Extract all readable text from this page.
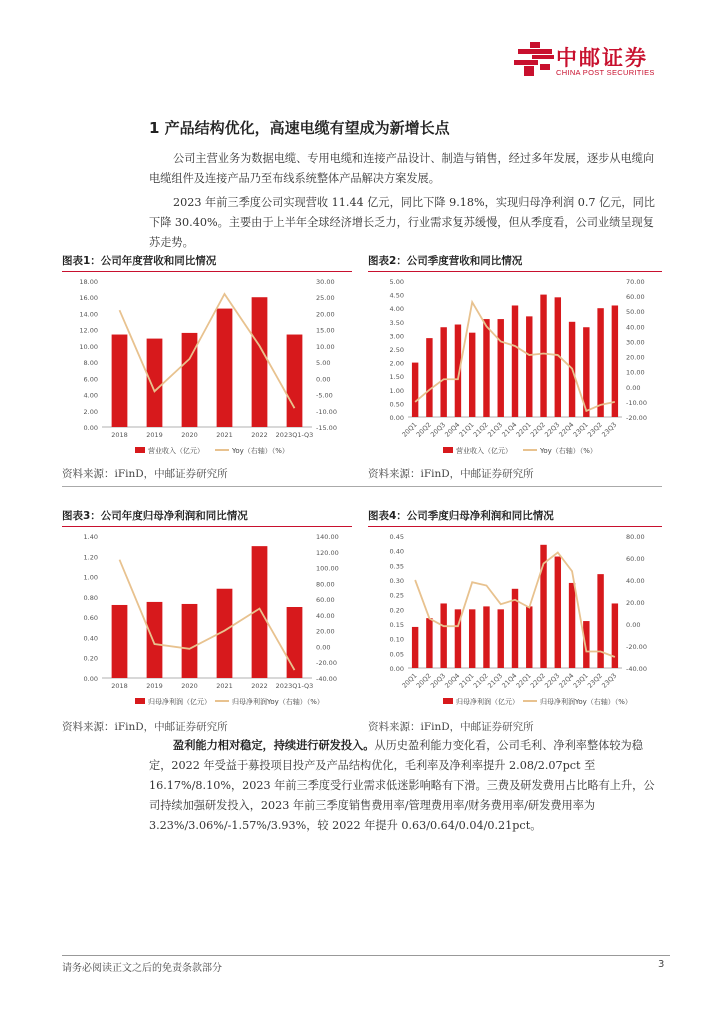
中邮证券
CHINA POST SECURITIES
1 产品结构优化，高速电缆有望成为新增长点

公司主营业务为数据电缆、专用电缆和连接产品设计、制造与销售，经过多年发展，逐步从电缆向电缆组件及连接产品乃至布线系统整体产品解决方案发展。

2023 年前三季度公司实现营收 11.44 亿元，同比下降 9.18%，实现归母净利润 0.7 亿元，同比下降 30.40%。主要由于上半年全球经济增长乏力，行业需求复苏缓慢，但从季度看，公司业绩呈现复苏走势。

图表1：公司年度营收和同比情况
0.00
2.00
4.00
6.00
8.00
10.00
12.00
14.00
16.00
18.00
-15.00
-10.00
-5.00
0.00
5.00
10.00
15.00
20.00
25.00
30.00
2018	2019	2020	2021	2022 2023Q1-Q3
营业收入（亿元）	Yoy（右轴）（%）
资料来源：iFinD，中邮证券研究所
图表2：公司季度营收和同比情况
0.00
0.50
1.00
1.50
2.00
2.50
3.00
3.50
4.00
4.50
5.00
-20.00
-10.00
0.00
10.00
20.00
30.00
40.00
50.00
60.00
70.00
20Q1
20Q2
20Q3
20Q4
21Q1
21Q2
21Q3
21Q4
22Q1
22Q2
22Q3
22Q4
23Q1
23Q2
23Q3
营业收入（亿元）	Yoy（右轴）（%）
资料来源：iFinD，中邮证券研究所
图表3：公司年度归母净利润和同比情况
0.00
0.20
0.40
0.60
0.80
1.00
1.20
1.40
-40.00
-20.00
0.00
20.00
40.00
60.00
80.00
100.00
120.00
140.00
2018	2019	2020	2021	2022 2023Q1-Q3
归母净利润（亿元）	归母净利润Yoy（右轴）（%）
资料来源：iFinD，中邮证券研究所
图表4：公司季度归母净利润和同比情况
0.00
0.05
0.10
0.15
0.20
0.25
0.30
0.35
0.40
0.45
-40.00
-20.00
0.00
20.00
40.00
60.00
80.00
20Q1
20Q2
20Q3
20Q4
21Q1
21Q2
21Q3
21Q4
22Q1
22Q2
22Q3
22Q4
23Q1
23Q2
23Q3
归母净利润（亿元）	归母净利润Yoy（右轴）（%）
资料来源：iFinD，中邮证券研究所

盈利能力相对稳定，持续进行研发投入。从历史盈利能力变化看，公司毛利、净利率整体较为稳定，2022 年受益于募投项目投产及产品结构优化，毛利率及净利率提升 2.08/2.07pct 至 16.17%/8.10%，2023 年前三季度受行业需求低迷影响略有下滑。三费及研发费用占比略有上升，公司持续加强研发投入，2023 年前三季度销售费用率/管理费用率/财务费用率/研发费用率为 3.23%/3.06%/-1.57%/3.93%，较 2022 年提升 0.63/0.64/0.04/0.21pct。

请务必阅读正文之后的免责条款部分	3
